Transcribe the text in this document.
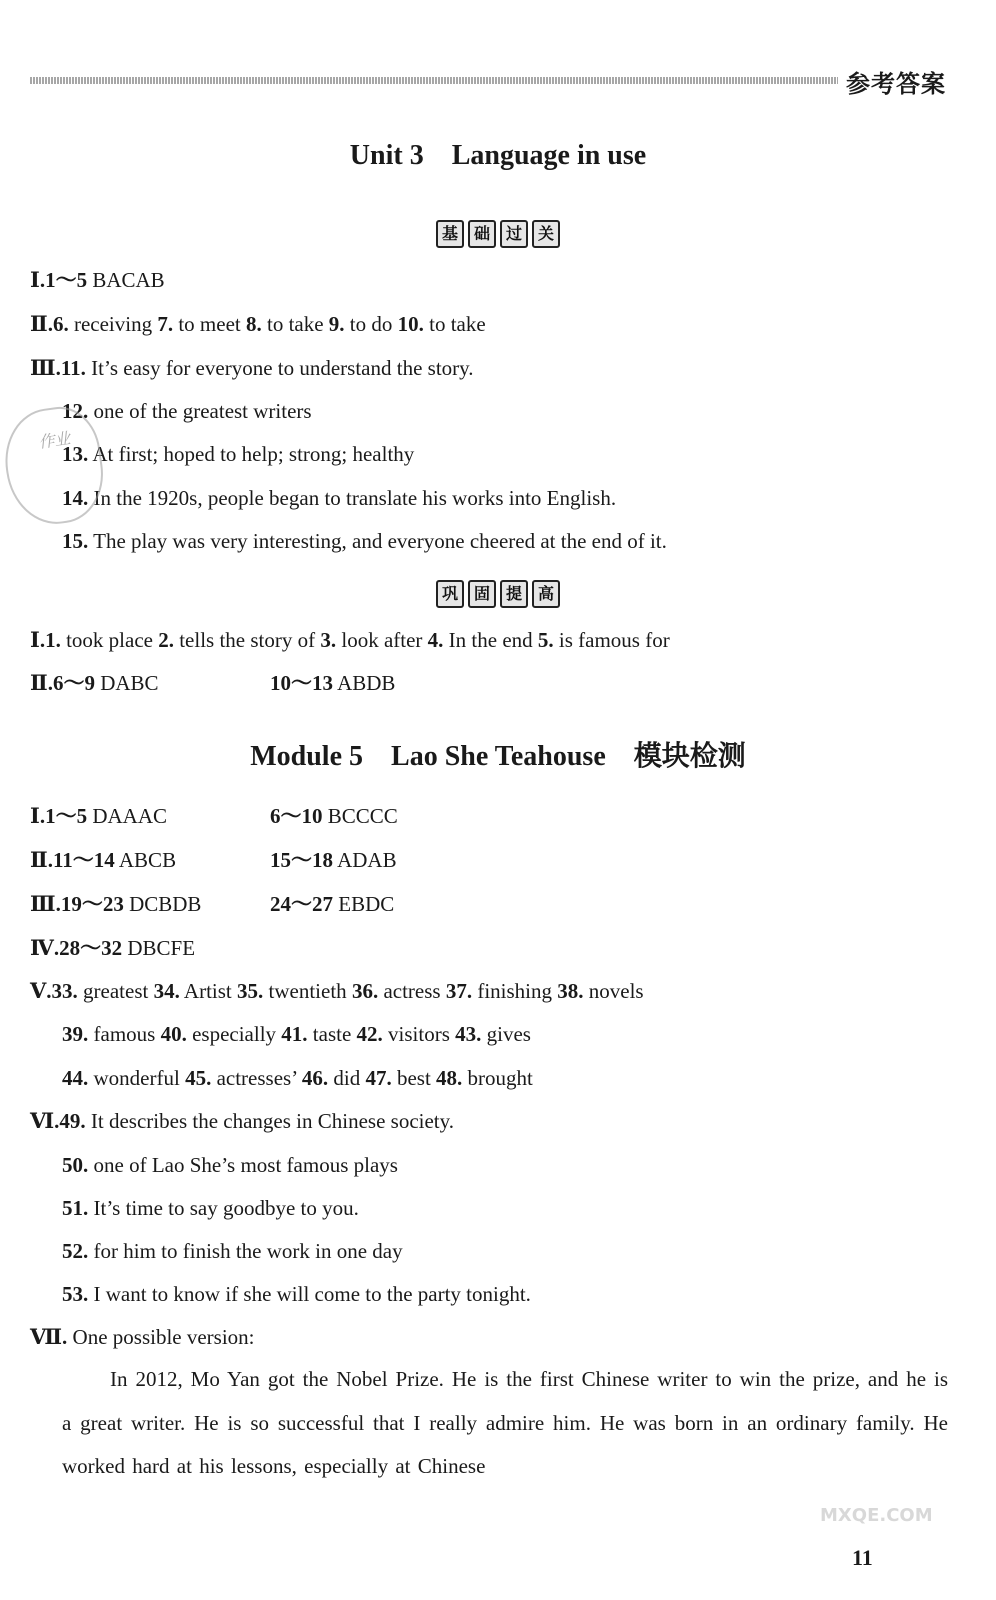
参考答案
Unit 3    Language in use
基 础 过 关
Ⅰ.1～5 BACAB
Ⅱ.6. receiving 7. to meet 8. to take 9. to do 10. to take
Ⅲ.11. It’s easy for everyone to understand the story.
12. one of the greatest writers
13. At first; hoped to help; strong; healthy
14. In the 1920s, people began to translate his works into English.
15. The play was very interesting, and everyone cheered at the end of it.
巩 固 提 高
Ⅰ.1. took place 2. tells the story of 3. look after 4. In the end 5. is famous for
Ⅱ.6～9 DABC	10～13 ABDB
Module 5    Lao She Teahouse    模块检测
Ⅰ.1～5 DAAAC	6～10 BCCCC
Ⅱ.11～14 ABCB	15～18 ADAB
Ⅲ.19～23 DCBDB	24～27 EBDC
Ⅳ.28～32 DBCFE
Ⅴ.33. greatest 34. Artist 35. twentieth 36. actress 37. finishing 38. novels
39. famous 40. especially 41. taste 42. visitors 43. gives
44. wonderful 45. actresses’ 46. did 47. best 48. brought
Ⅵ.49. It describes the changes in Chinese society.
50. one of Lao She’s most famous plays
51. It’s time to say goodbye to you.
52. for him to finish the work in one day
53. I want to know if she will come to the party tonight.
Ⅶ. One possible version:
In 2012, Mo Yan got the Nobel Prize. He is the first Chinese writer to win the prize, and he is a great writer. He is so successful that I really admire him. He was born in an ordinary family. He worked hard at his lessons, especially at Chinese
11
作业
MXQE.COM
